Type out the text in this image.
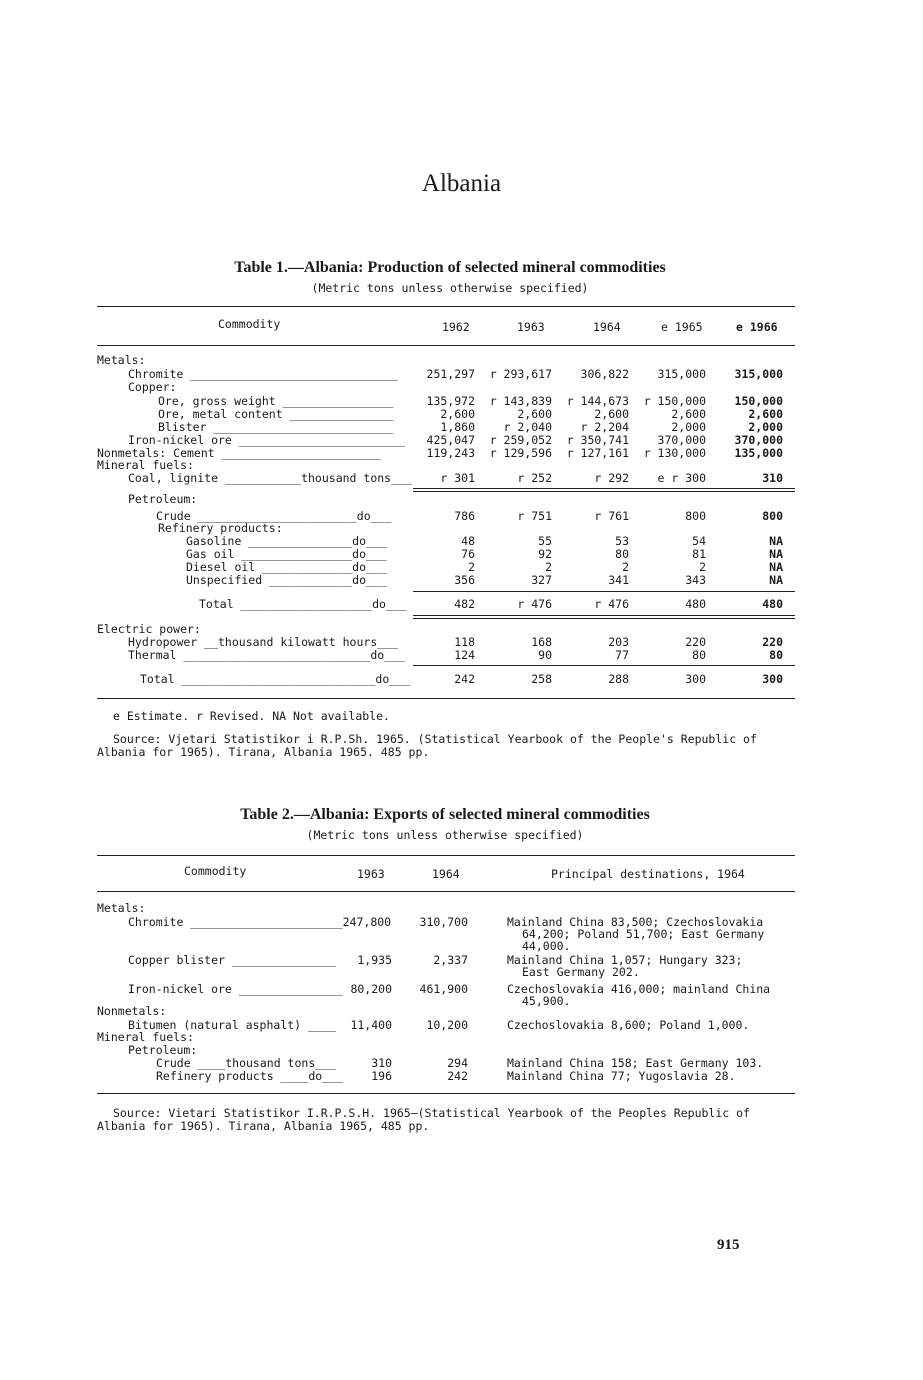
Albania
Table 1.—Albania: Production of selected mineral commodities
(Metric tons unless otherwise specified)
Commodity	1962	1963	1964	e 1965	e 1966
Metals:
Chromite ______________________________	251,297	r 293,617	306,822	315,000	315,000
Copper:
Ore, gross weight ________________	135,972	r 143,839	r 144,673	r 150,000	150,000
Ore, metal content _______________	2,600	2,600	2,600	2,600	2,600
Blister __________________________	1,860	r 2,040	r 2,204	2,000	2,000
Iron-nickel ore ________________________	425,047	r 259,052	r 350,741	370,000	370,000
Nonmetals: Cement _______________________	119,243	r 129,596	r 127,161	r 130,000	135,000
Mineral fuels:
Coal, lignite ___________thousand tons___	r 301	r 252	r 292	e r 300	310
Petroleum:
Crude _______________________do___	786	r 751	r 761	800	800
Refinery products:
Gasoline _______________do___	48	55	53	54	NA
Gas oil ________________do___	76	92	80	81	NA
Diesel oil _____________do___	2	2	2	2	NA
Unspecified ____________do___	356	327	341	343	NA
Total ___________________do___	482	r 476	r 476	480	480
Electric power:
Hydropower __thousand kilowatt hours___	118	168	203	220	220
Thermal ___________________________do___	124	90	77	80	80
Total ____________________________do___	242	258	288	300	300
e Estimate. r Revised. NA Not available.
Source: Vjetari Statistikor i R.P.Sh. 1965. (Statistical Yearbook of the People's Republic of
Albania for 1965). Tirana, Albania 1965. 485 pp.
Table 2.—Albania: Exports of selected mineral commodities
(Metric tons unless otherwise specified)
Commodity	1963	1964	Principal destinations, 1964
Metals:
Chromite ______________________247,800	310,700	Mainland China 83,500; Czechoslovakia
64,200; Poland 51,700; East Germany
44,000.
Copper blister _______________	1,935	2,337	Mainland China 1,057; Hungary 323;
East Germany 202.
Iron-nickel ore _______________ 80,200	461,900	Czechoslovakia 416,000; mainland China
45,900.
Nonmetals:
Bitumen (natural asphalt) ____	11,400	10,200	Czechoslovakia 8,600; Poland 1,000.
Mineral fuels:
Petroleum:
Crude ____thousand tons___	310	294	Mainland China 158; East Germany 103.
Refinery products ____do___	196	242	Mainland China 77; Yugoslavia 28.
Source: Vietari Statistikor I.R.P.S.H. 1965—(Statistical Yearbook of the Peoples Republic of
Albania for 1965). Tirana, Albania 1965, 485 pp.
915
